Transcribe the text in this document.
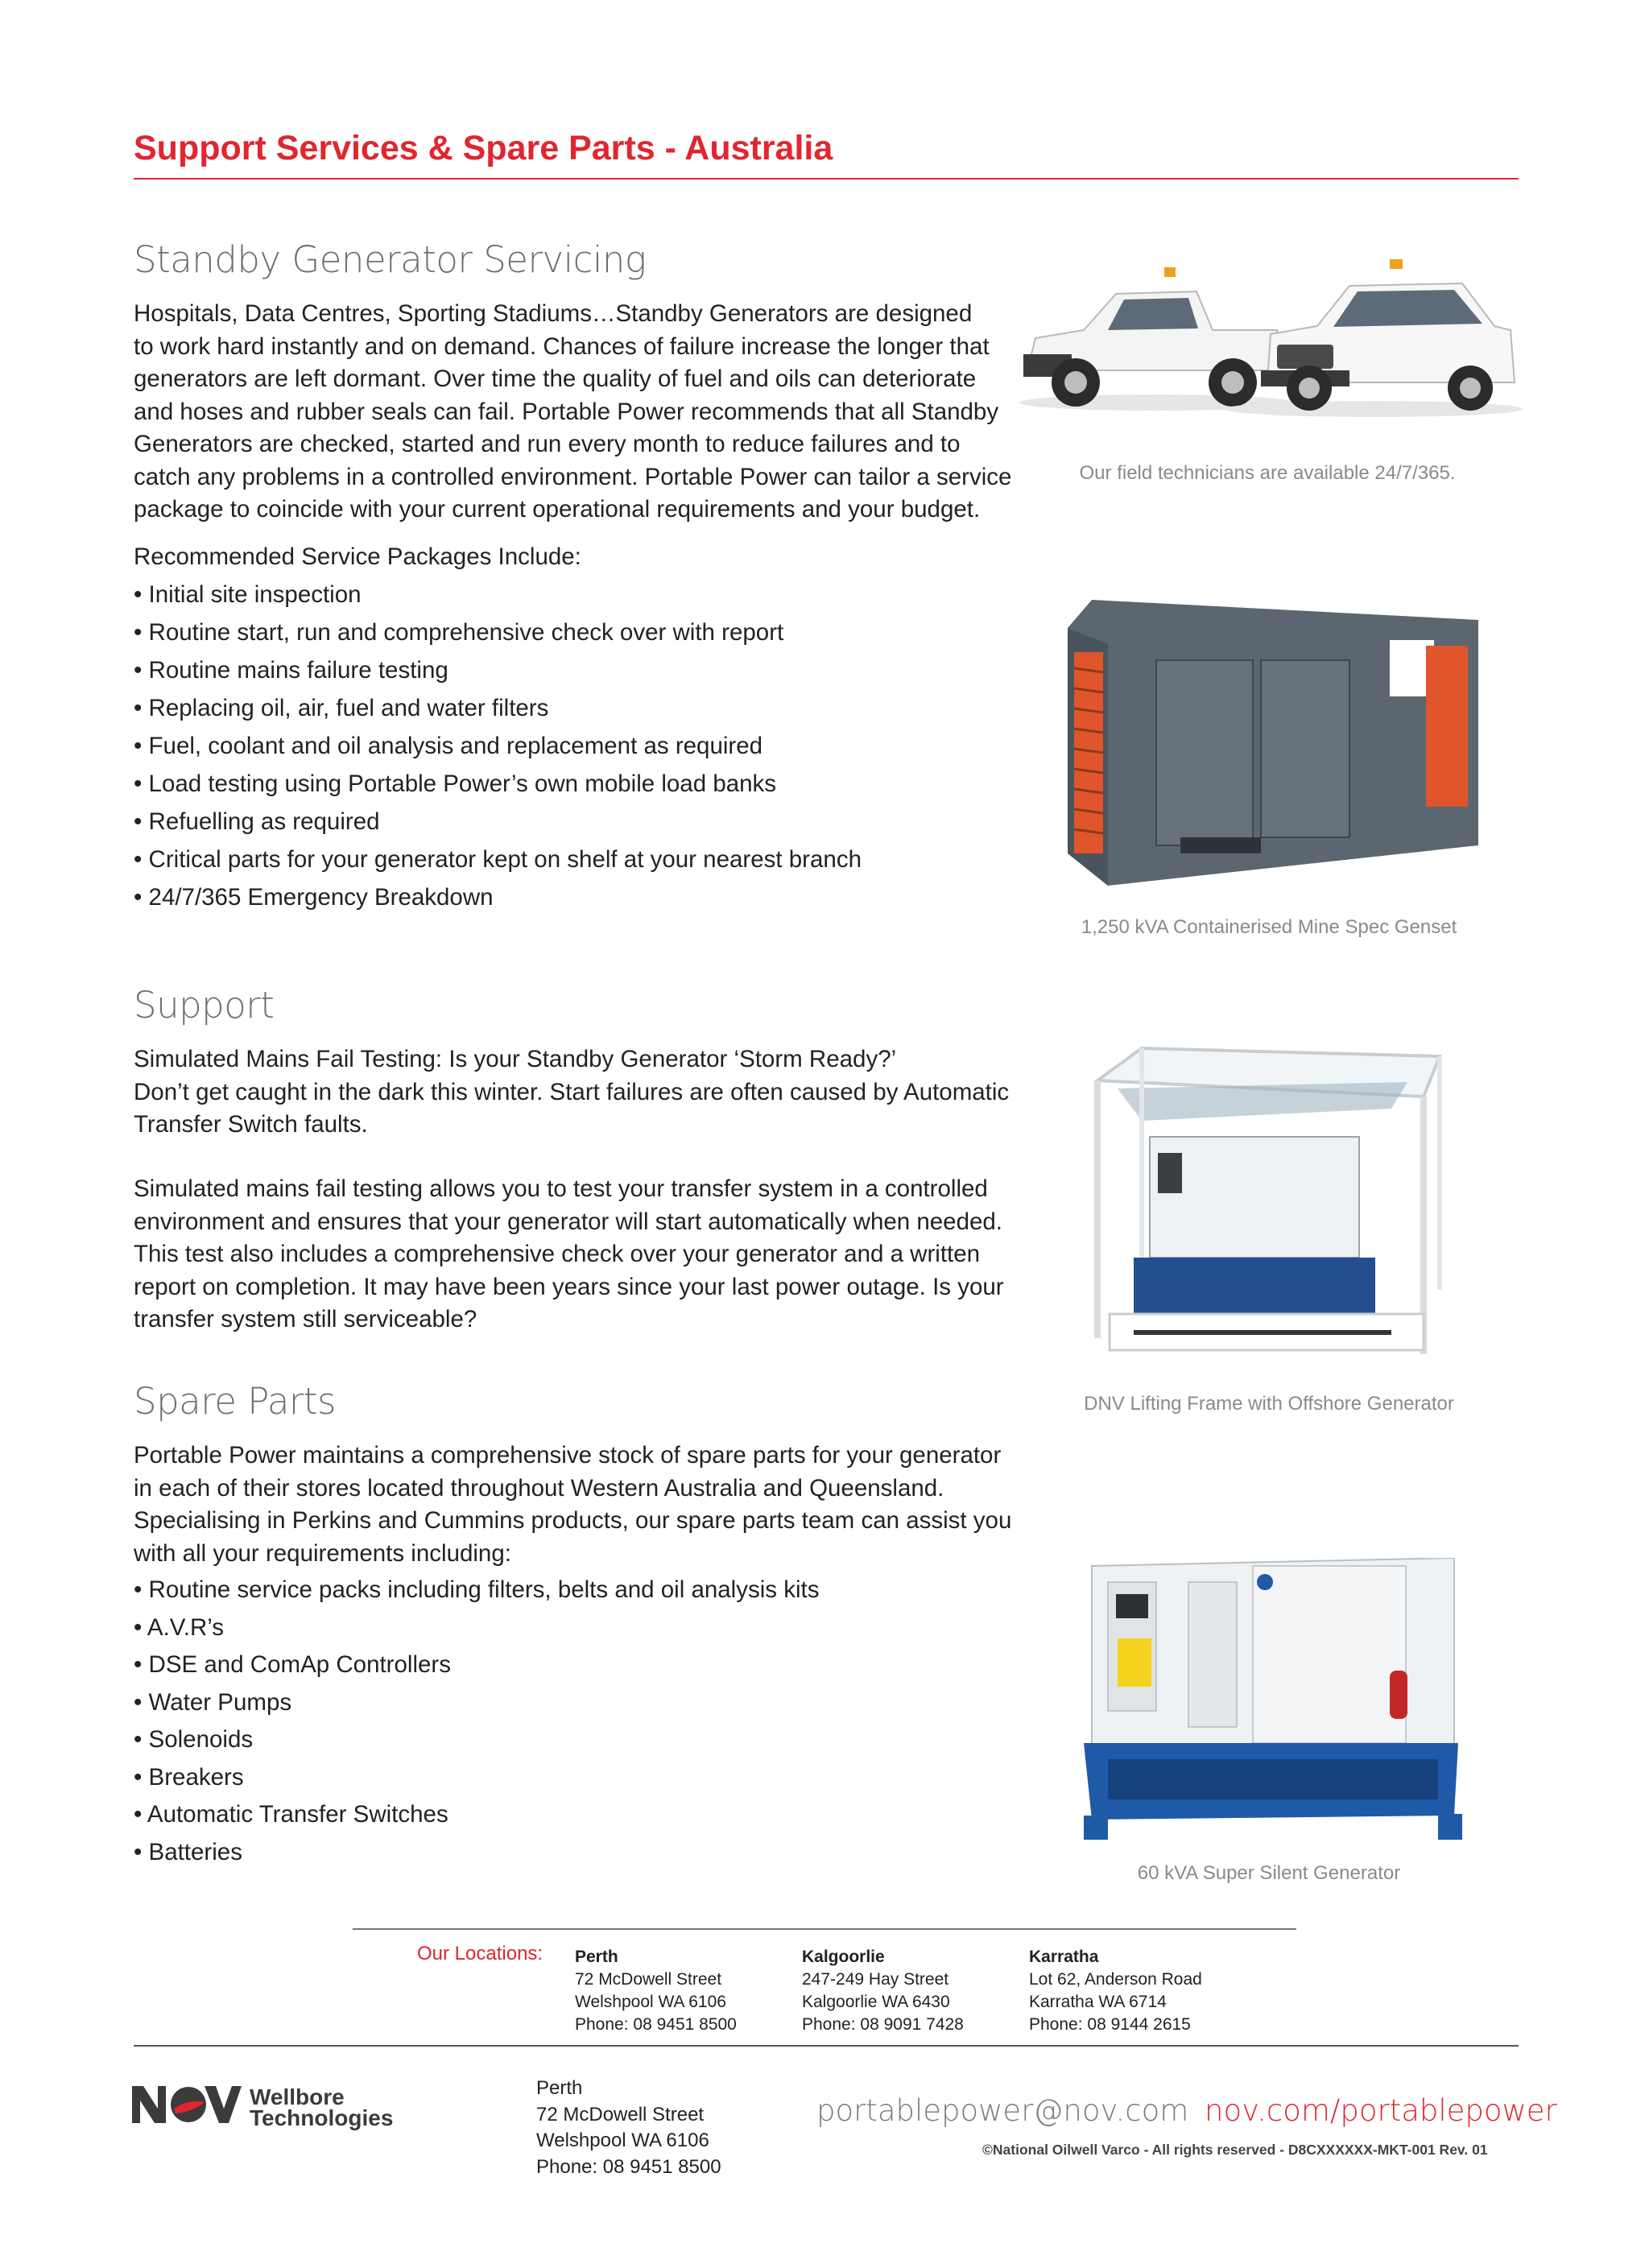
Support Services & Spare Parts - Australia
Standby Generator Servicing

Hospitals, Data Centres, Sporting Stadiums…Standby Generators are designed

to work hard instantly and on demand. Chances of failure increase the longer that

generators are left dormant. Over time the quality of fuel and oils can deteriorate

and hoses and rubber seals can fail. Portable Power recommends that all Standby

Generators are checked, started and run every month to reduce failures and to

catch any problems in a controlled environment. Portable Power can tailor a service

package to coincide with your current operational requirements and your budget.

Recommended Service Packages Include:

• Initial site inspection
• Routine start, run and comprehensive check over with report
• Routine mains failure testing
• Replacing oil, air, fuel and water filters
• Fuel, coolant and oil analysis and replacement as required
• Load testing using Portable Power’s own mobile load banks
• Refuelling as required
• Critical parts for your generator kept on shelf at your nearest branch
• 24/7/365 Emergency Breakdown
Support

Simulated Mains Fail Testing: Is your Standby Generator ‘Storm Ready?’

Don’t get caught in the dark this winter. Start failures are often caused by Automatic

Transfer Switch faults.

Simulated mains fail testing allows you to test your transfer system in a controlled

environment and ensures that your generator will start automatically when needed.

This test also includes a comprehensive check over your generator and a written

report on completion. It may have been years since your last power outage. Is your

transfer system still serviceable?

Spare Parts

Portable Power maintains a comprehensive stock of spare parts for your generator

in each of their stores located throughout Western Australia and Queensland.

Specialising in Perkins and Cummins products, our spare parts team can assist you

with all your requirements including:

• Routine service packs including filters, belts and oil analysis kits
• A.V.R’s
• DSE and ComAp Controllers
• Water Pumps
• Solenoids
• Breakers
• Automatic Transfer Switches
• Batteries
Our field technicians are available 24/7/365.
1,250 kVA Containerised Mine Spec Genset
DNV Lifting Frame with Offshore Generator
60 kVA Super Silent Generator
Our Locations: Perth
72 McDowell Street
Welshpool WA 6106
Phone: 08 9451 8500
Kalgoorlie
247-249 Hay Street
Kalgoorlie WA 6430
Phone: 08 9091 7428
Karratha
Lot 62, Anderson Road
Karratha WA 6714
Phone: 08 9144 2615
Wellbore
Technologies
Perth
72 McDowell Street
Welshpool WA 6106
Phone: 08 9451 8500
portablepower@nov.com nov.com/portablepower
©National Oilwell Varco - All rights reserved - D8CXXXXXX-MKT-001 Rev. 01
